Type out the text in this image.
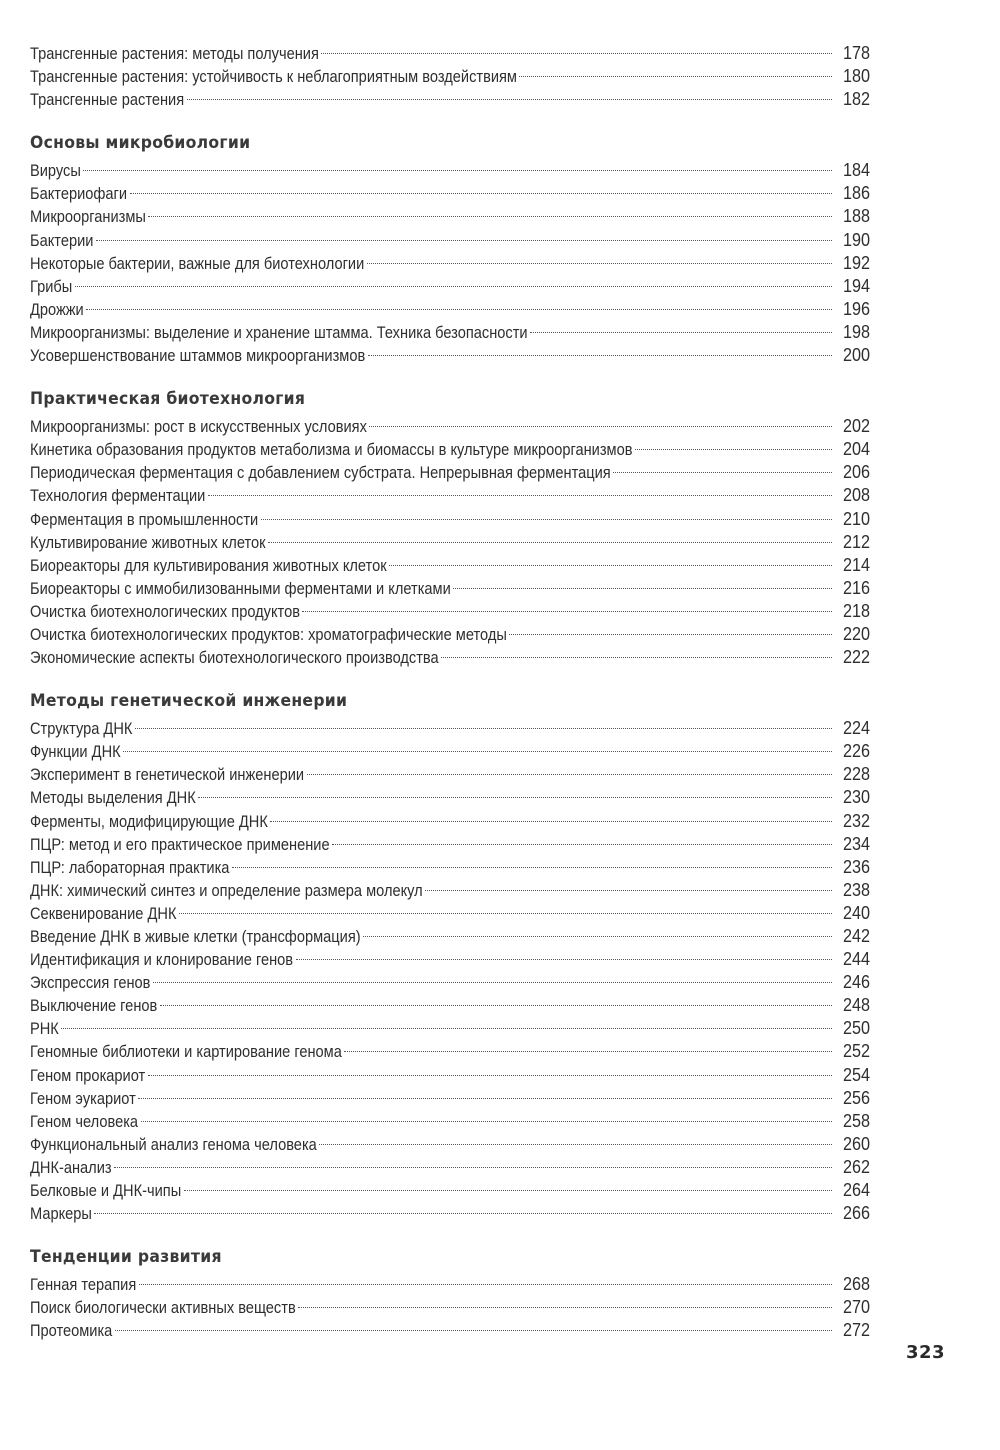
Трансгенные растения: методы получения	178
Трансгенные растения: устойчивость к неблагоприятным воздействиям	180
Трансгенные растения	182
Основы микробиологии
Вирусы	184
Бактериофаги	186
Микроорганизмы	188
Бактерии	190
Некоторые бактерии, важные для биотехнологии	192
Грибы	194
Дрожжи	196
Микроорганизмы: выделение и хранение штамма. Техника безопасности	198
Усовершенствование штаммов микроорганизмов	200
Практическая биотехнология
Микроорганизмы: рост в искусственных условиях	202
Кинетика образования продуктов метаболизма и биомассы в культуре микроорганизмов	204
Периодическая ферментация с добавлением субстрата. Непрерывная ферментация	206
Технология ферментации	208
Ферментация в промышленности	210
Культивирование животных клеток	212
Биореакторы для культивирования животных клеток	214
Биореакторы с иммобилизованными ферментами и клетками	216
Очистка биотехнологических продуктов	218
Очистка биотехнологических продуктов: хроматографические методы	220
Экономические аспекты биотехнологического производства	222
Методы генетической инженерии
Структура ДНК	224
Функции ДНК	226
Эксперимент в генетической инженерии	228
Методы выделения ДНК	230
Ферменты, модифицирующие ДНК	232
ПЦР: метод и его практическое применение	234
ПЦР: лабораторная практика	236
ДНК: химический синтез и определение размера молекул	238
Секвенирование ДНК	240
Введение ДНК в живые клетки (трансформация)	242
Идентификация и клонирование генов	244
Экспрессия генов	246
Выключение генов	248
РНК	250
Геномные библиотеки и картирование генома	252
Геном прокариот	254
Геном эукариот	256
Геном человека	258
Функциональный анализ генома человека	260
ДНК-анализ	262
Белковые и ДНК-чипы	264
Маркеры	266
Тенденции развития
Генная терапия	268
Поиск биологически активных веществ	270
Протеомика	272
323
